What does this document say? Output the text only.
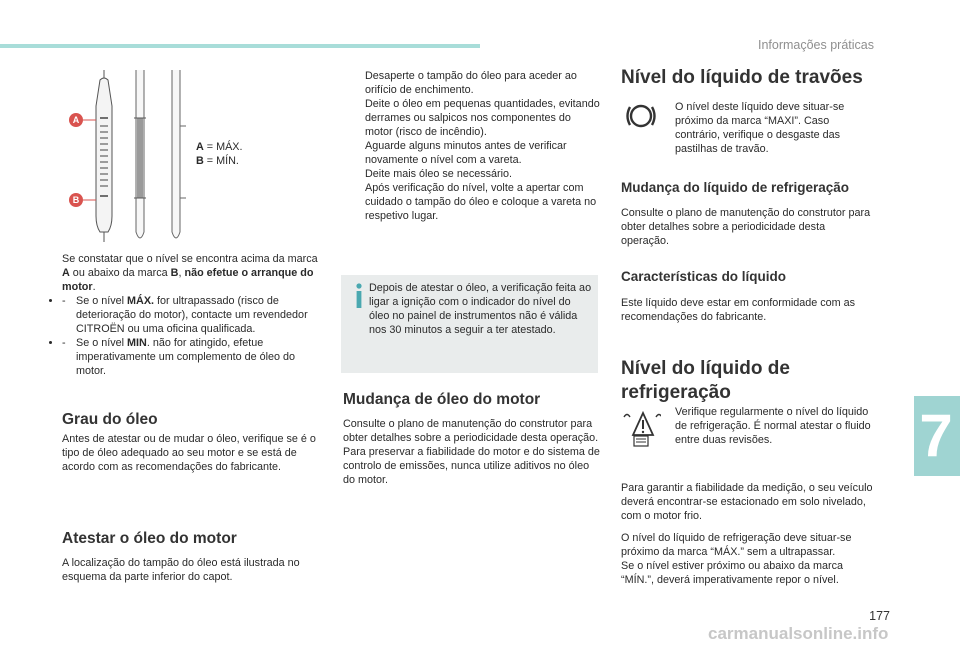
Informações práticas
7
177
carmanualsonline.info
A
B
A = MÁX.
B = MÍN.
Se constatar que o nível se encontra acima da marca A ou abaixo da marca B, não efetue o arranque do motor.
• - Se o nível MÁX. for ultrapassado (risco de deterioração do motor), contacte um revendedor CITROËN ou uma oficina qualificada.
• - Se o nível MIN. não for atingido, efetue imperativamente um complemento de óleo do motor.
Grau do óleo
Antes de atestar ou de mudar o óleo, verifique se é o tipo de óleo adequado ao seu motor e se está de acordo com as recomendações do fabricante.
Atestar o óleo do motor
A localização do tampão do óleo está ilustrada no esquema da parte inferior do capot.
Desaperte o tampão do óleo para aceder ao orifício de enchimento.
Deite o óleo em pequenas quantidades, evitando derrames ou salpicos nos componentes do motor (risco de incêndio).
Aguarde alguns minutos antes de verificar novamente o nível com a vareta.
Deite mais óleo se necessário.
Após verificação do nível, volte a apertar com cuidado o tampão do óleo e coloque a vareta no respetivo lugar.
Depois de atestar o óleo, a verificação feita ao ligar a ignição com o indicador do nível do óleo no painel de instrumentos não é válida nos 30 minutos a seguir a ter atestado.
Mudança de óleo do motor
Consulte o plano de manutenção do construtor para obter detalhes sobre a periodicidade desta operação.
Para preservar a fiabilidade do motor e do sistema de controlo de emissões, nunca utilize aditivos no óleo do motor.
Nível do líquido de travões
O nível deste líquido deve situar-se próximo da marca “MAXI”. Caso contrário, verifique o desgaste das pastilhas de travão.
Mudança do líquido de refrigeração
Consulte o plano de manutenção do construtor para obter detalhes sobre a periodicidade desta operação.
Características do líquido
Este líquido deve estar em conformidade com as recomendações do fabricante.
Nível do líquido de
refrigeração
Verifique regularmente o nível do líquido de refrigeração. É normal atestar o fluido entre duas revisões.
Para garantir a fiabilidade da medição, o seu veículo deverá encontrar-se estacionado em solo nivelado, com o motor frio.
O nível do líquido de refrigeração deve situar-se próximo da marca “MÁX.” sem a ultrapassar.
Se o nível estiver próximo ou abaixo da marca “MÍN.”, deverá imperativamente repor o nível.
